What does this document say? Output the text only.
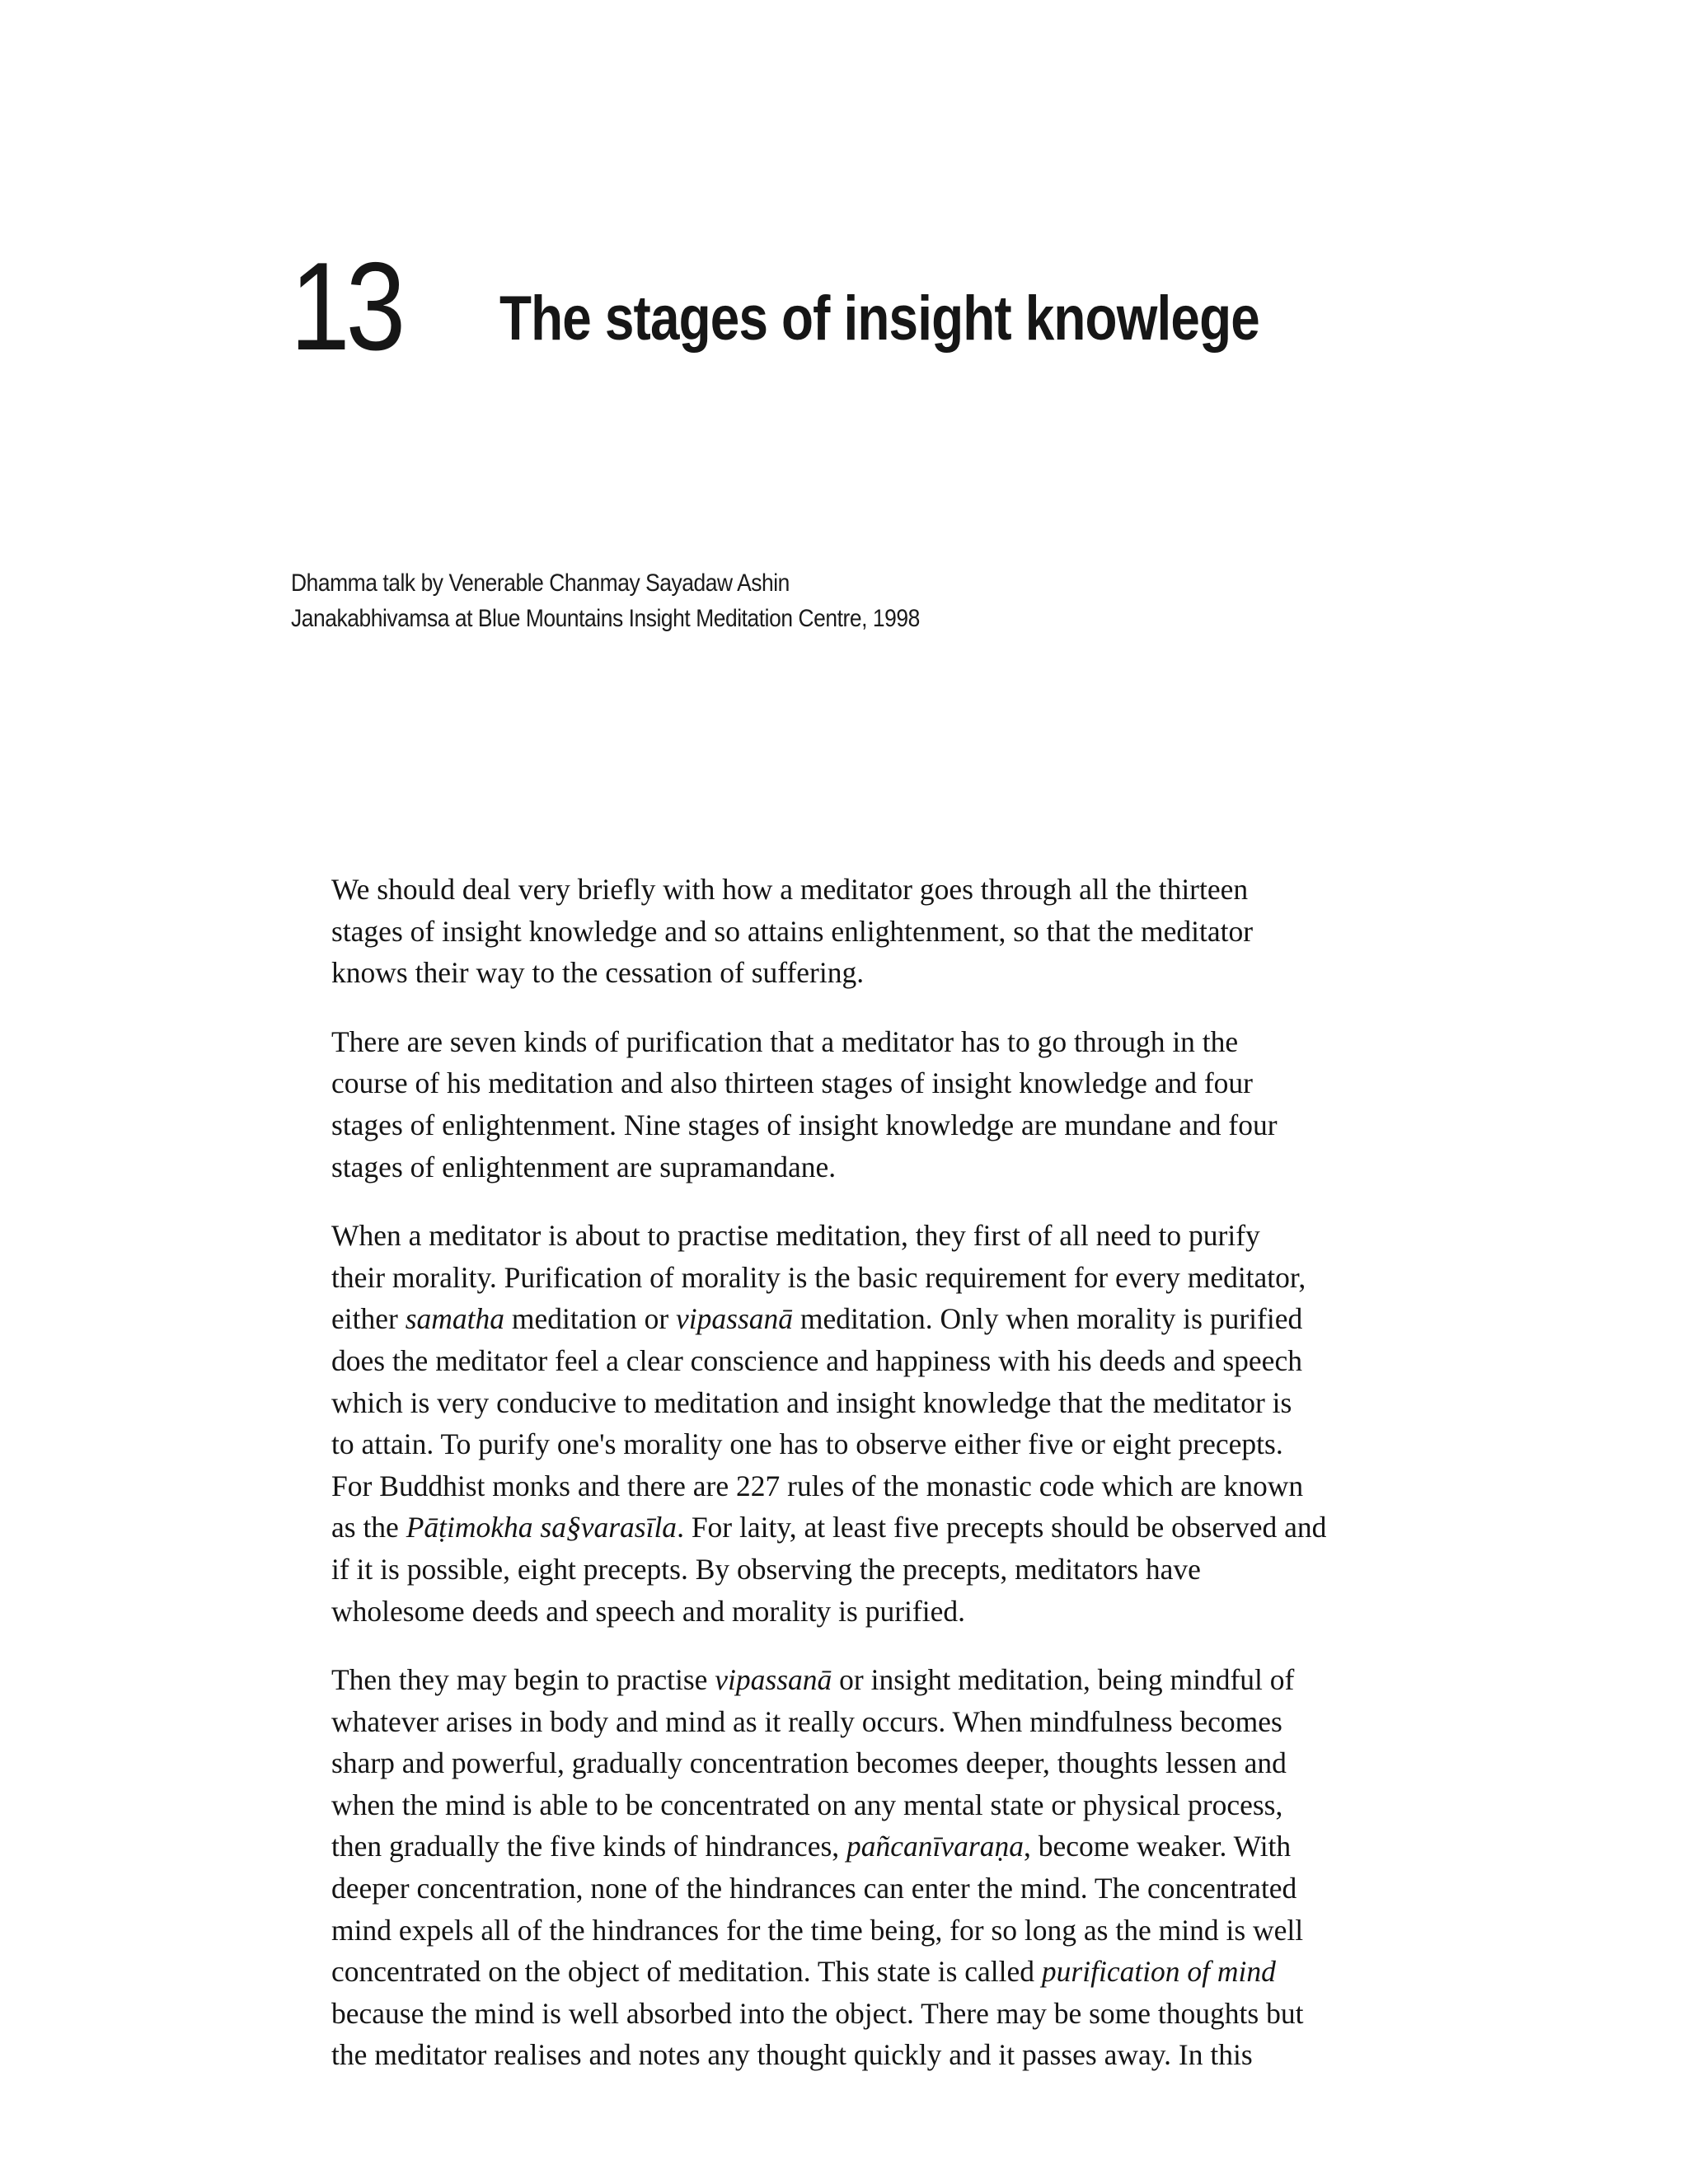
13 The stages of insight knowlege
Dhamma talk by Venerable Chanmay Sayadaw Ashin
Janakabhivamsa at Blue Mountains Insight Meditation Centre, 1998

We should deal very briefly with how a meditator goes through all the thirteen
stages of insight knowledge and so attains enlightenment, so that the meditator
knows their way to the cessation of suffering.

There are seven kinds of purification that a meditator has to go through in the
course of his meditation and also thirteen stages of insight knowledge and four
stages of enlightenment. Nine stages of insight knowledge are mundane and four
stages of enlightenment are supramandane.

When a meditator is about to practise meditation, they first of all need to purify
their morality. Purification of morality is the basic requirement for every meditator,
either samatha meditation or vipassanā meditation. Only when morality is purified
does the meditator feel a clear conscience and happiness with his deeds and speech
which is very conducive to meditation and insight knowledge that the meditator is
to attain. To purify one's morality one has to observe either five or eight precepts.
For Buddhist monks and there are 227 rules of the monastic code which are known
as the Pāṭimokha sa§varasīla. For laity, at least five precepts should be observed and
if it is possible, eight precepts. By observing the precepts, meditators have
wholesome deeds and speech and morality is purified.

Then they may begin to practise vipassanā or insight meditation, being mindful of
whatever arises in body and mind as it really occurs. When mindfulness becomes
sharp and powerful, gradually concentration becomes deeper, thoughts lessen and
when the mind is able to be concentrated on any mental state or physical process,
then gradually the five kinds of hindrances, pañcanīvaraṇa, become weaker. With
deeper concentration, none of the hindrances can enter the mind. The concentrated
mind expels all of the hindrances for the time being, for so long as the mind is well
concentrated on the object of meditation. This state is called purification of mind
because the mind is well absorbed into the object. There may be some thoughts but
the meditator realises and notes any thought quickly and it passes away. In this
